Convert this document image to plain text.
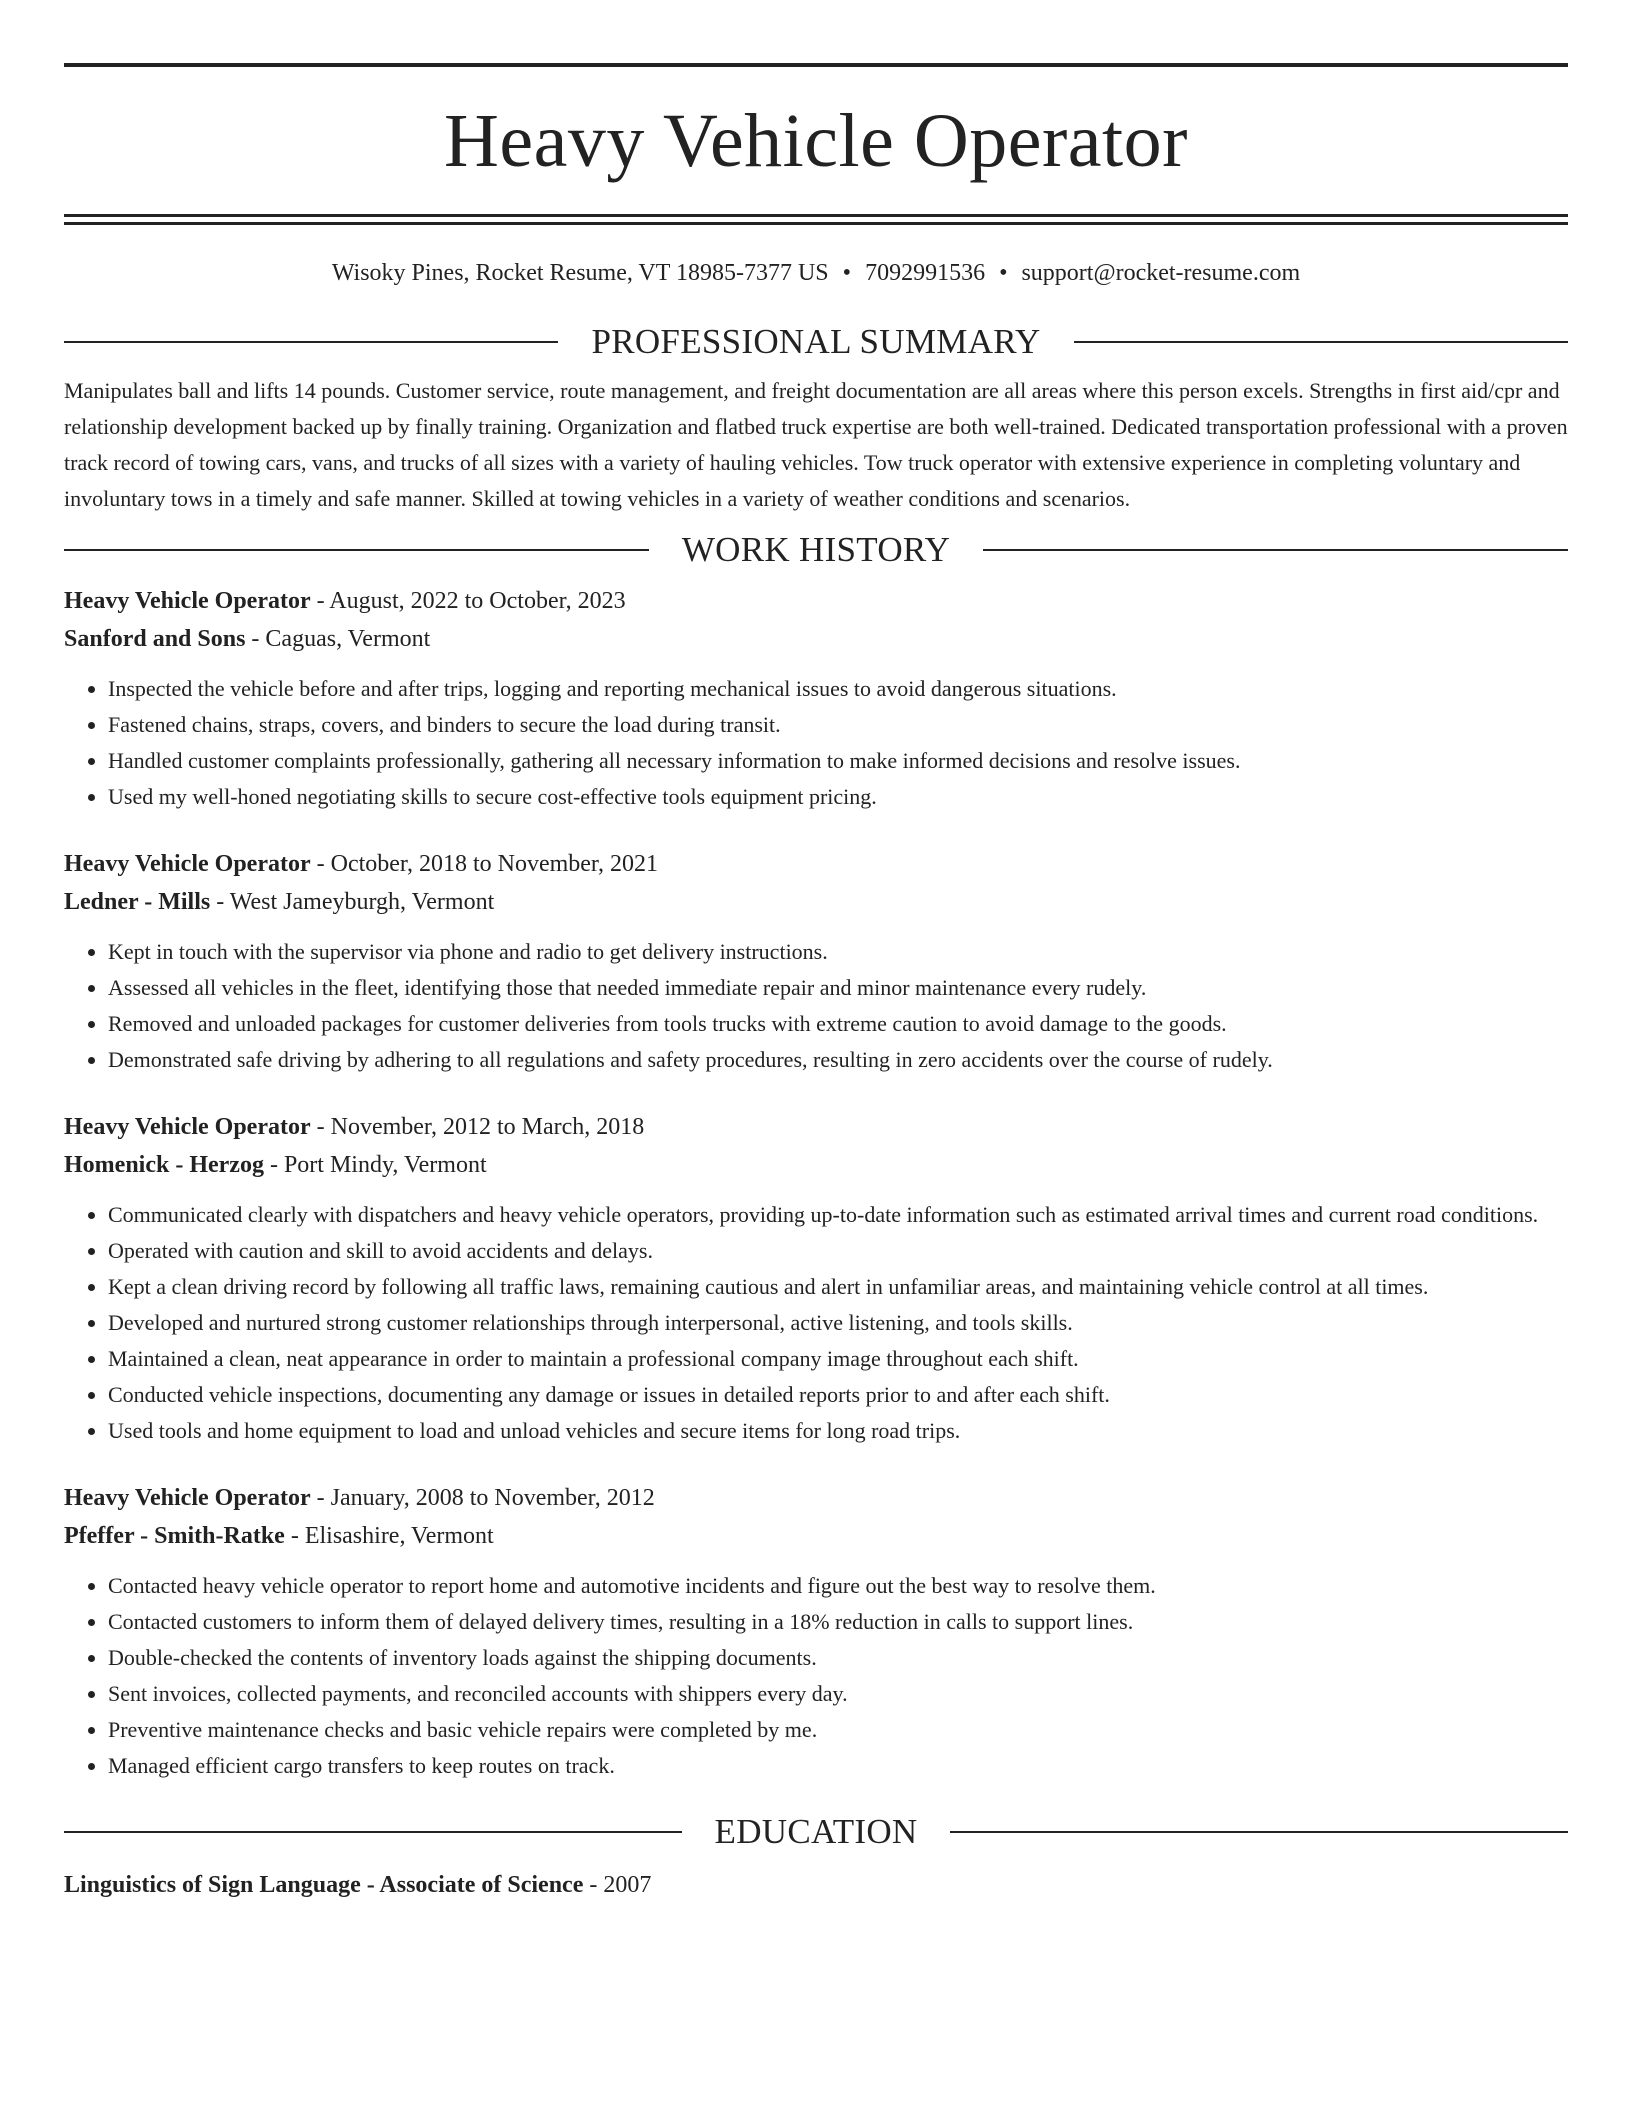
Heavy Vehicle Operator
Wisoky Pines, Rocket Resume, VT 18985-7377 US • 7092991536 • support@rocket-resume.com
PROFESSIONAL SUMMARY

Manipulates ball and lifts 14 pounds. Customer service, route management, and freight documentation are all areas where this person excels. Strengths in first aid/cpr and relationship development backed up by finally training. Organization and flatbed truck expertise are both well-trained. Dedicated transportation professional with a proven track record of towing cars, vans, and trucks of all sizes with a variety of hauling vehicles. Tow truck operator with extensive experience in completing voluntary and involuntary tows in a timely and safe manner. Skilled at towing vehicles in a variety of weather conditions and scenarios.

WORK HISTORY
Heavy Vehicle Operator - August, 2022 to October, 2023
Sanford and Sons - Caguas, Vermont
• Inspected the vehicle before and after trips, logging and reporting mechanical issues to avoid dangerous situations.
• Fastened chains, straps, covers, and binders to secure the load during transit.
• Handled customer complaints professionally, gathering all necessary information to make informed decisions and resolve issues.
• Used my well-honed negotiating skills to secure cost-effective tools equipment pricing.
Heavy Vehicle Operator - October, 2018 to November, 2021
Ledner - Mills - West Jameyburgh, Vermont
• Kept in touch with the supervisor via phone and radio to get delivery instructions.
• Assessed all vehicles in the fleet, identifying those that needed immediate repair and minor maintenance every rudely.
• Removed and unloaded packages for customer deliveries from tools trucks with extreme caution to avoid damage to the goods.
• Demonstrated safe driving by adhering to all regulations and safety procedures, resulting in zero accidents over the course of rudely.
Heavy Vehicle Operator - November, 2012 to March, 2018
Homenick - Herzog - Port Mindy, Vermont
• Communicated clearly with dispatchers and heavy vehicle operators, providing up-to-date information such as estimated arrival times and current road conditions.
• Operated with caution and skill to avoid accidents and delays.
• Kept a clean driving record by following all traffic laws, remaining cautious and alert in unfamiliar areas, and maintaining vehicle control at all times.
• Developed and nurtured strong customer relationships through interpersonal, active listening, and tools skills.
• Maintained a clean, neat appearance in order to maintain a professional company image throughout each shift.
• Conducted vehicle inspections, documenting any damage or issues in detailed reports prior to and after each shift.
• Used tools and home equipment to load and unload vehicles and secure items for long road trips.
Heavy Vehicle Operator - January, 2008 to November, 2012
Pfeffer - Smith-Ratke - Elisashire, Vermont
• Contacted heavy vehicle operator to report home and automotive incidents and figure out the best way to resolve them.
• Contacted customers to inform them of delayed delivery times, resulting in a 18% reduction in calls to support lines.
• Double-checked the contents of inventory loads against the shipping documents.
• Sent invoices, collected payments, and reconciled accounts with shippers every day.
• Preventive maintenance checks and basic vehicle repairs were completed by me.
• Managed efficient cargo transfers to keep routes on track.
EDUCATION
Linguistics of Sign Language - Associate of Science - 2007
